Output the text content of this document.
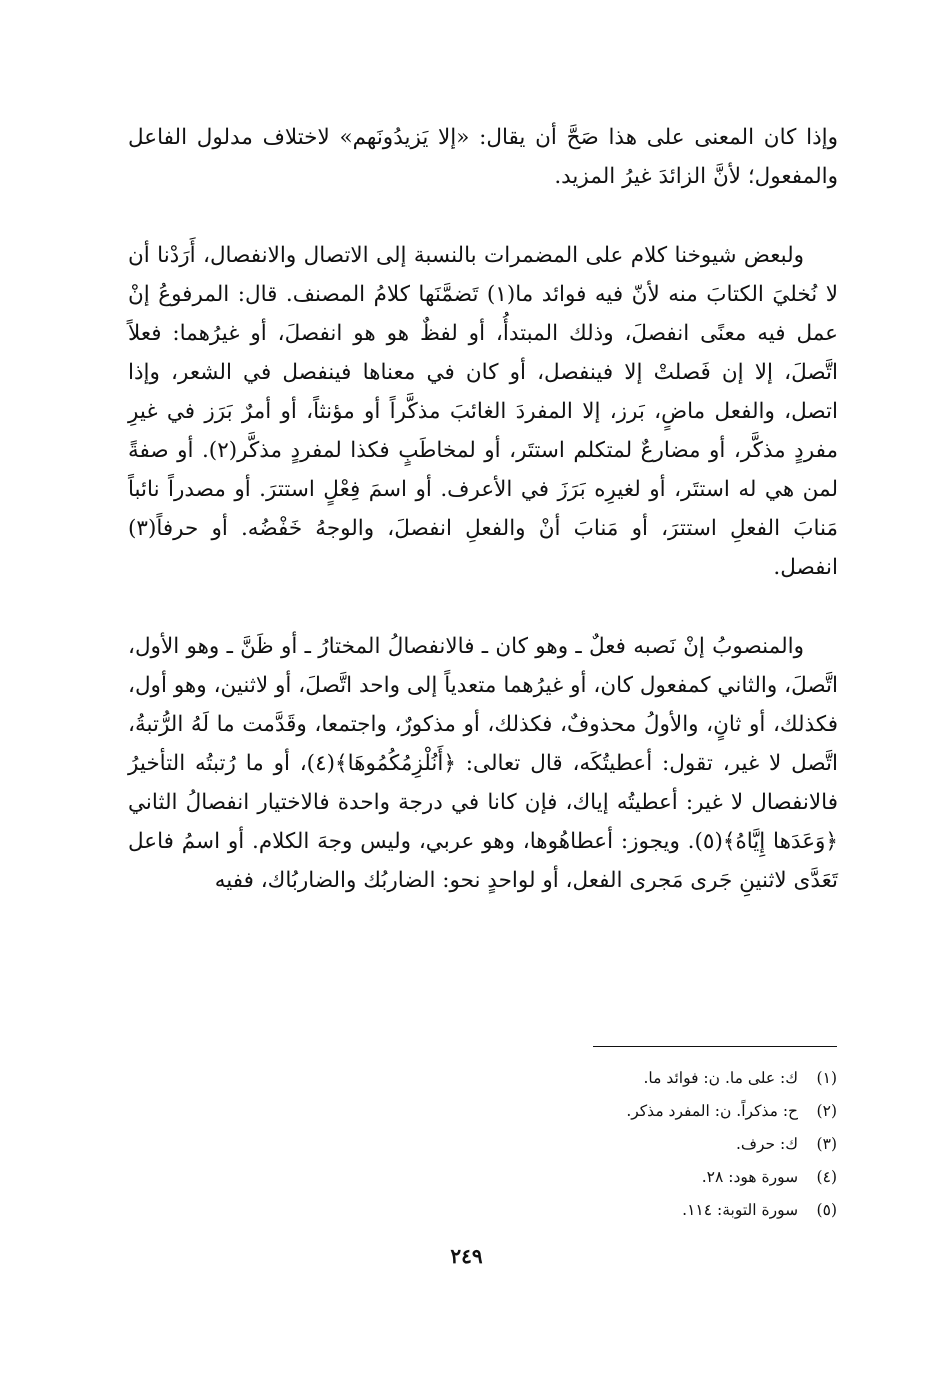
وإذا كان المعنى على هذا صَحَّ أن يقال: «إلا يَزيدُونَهم» لاختلاف مدلول الفاعل والمفعول؛ لأنَّ الزائدَ غيرُ المزيد.

ولبعض شيوخنا كلام على المضمرات بالنسبة إلى الاتصال والانفصال، أَرَدْنا أن لا نُخليَ الكتابَ منه لأنّ فيه فوائد ما(١) تَضمَّنَها كلامُ المصنف. قال: المرفوعُ إنْ عمل فيه معنًى انفصلَ، وذلك المبتدأُ، أو لفظٌ هو هو انفصلَ، أو غيرُهما: فعلاً اتَّصلَ، إلا إن فَصلتْ إلا فينفصل، أو كان في معناها فينفصل في الشعر، وإذا اتصل، والفعل ماضٍ، بَرز، إلا المفردَ الغائبَ مذكَّراً أو مؤنثاً، أو أمرٌ بَرَز في غيرِ مفردٍ مذكَّر، أو مضارعٌ لمتكلم استتَر، أو لمخاطَبٍ فكذا لمفردٍ مذكَّر(٢). أو صفةً لمن هي له استتَر، أو لغيرِه بَرَزَ في الأعرف. أو اسمَ فِعْلٍ استترَ. أو مصدراً نائباً مَنابَ الفعلِ استترَ، أو مَنابَ أنْ والفعلِ انفصلَ، والوجهُ خَفْضُه. أو حرفاً(٣) انفصل.

والمنصوبُ إنْ نَصبه فعلٌ ـ وهو كان ـ فالانفصالُ المختارُ ـ أو ظَنَّ ـ وهو الأول، اتَّصلَ، والثاني كمفعول كان، أو غيرُهما متعدياً إلى واحد اتَّصلَ، أو لاثنين، وهو أول، فكذلك، أو ثانٍ، والأولُ محذوفٌ، فكذلك، أو مذكورٌ، واجتمعا، وقَدَّمت ما لَهُ الرُّتبةُ، اتَّصل لا غير، تقول: أعطيتُكَه، قال تعالى: ﴿أَنُلْزِمُكُمُوهَا﴾(٤)، أو ما رُتبتُه التأخيرُ فالانفصال لا غير: أعطيتُه إياك، فإن كانا في درجة واحدة فالاختيار انفصالُ الثاني ﴿وَعَدَها إِيَّاهُ﴾(٥). ويجوز: أعطاهُوها، وهو عربي، وليس وجهَ الكلام. أو اسمُ فاعل تَعَدَّى لاثنينِ جَرى مَجرى الفعل، أو لواحدٍ نحو: الضاربُك والضاربُاك، ففيه

(١) ك: على ما. ن: فوائد ما.
(٢) ح: مذكراً. ن: المفرد مذكر.
(٣) ك: حرف.
(٤) سورة هود: ٢٨.
(٥) سورة التوبة: ١١٤.
٢٤٩
